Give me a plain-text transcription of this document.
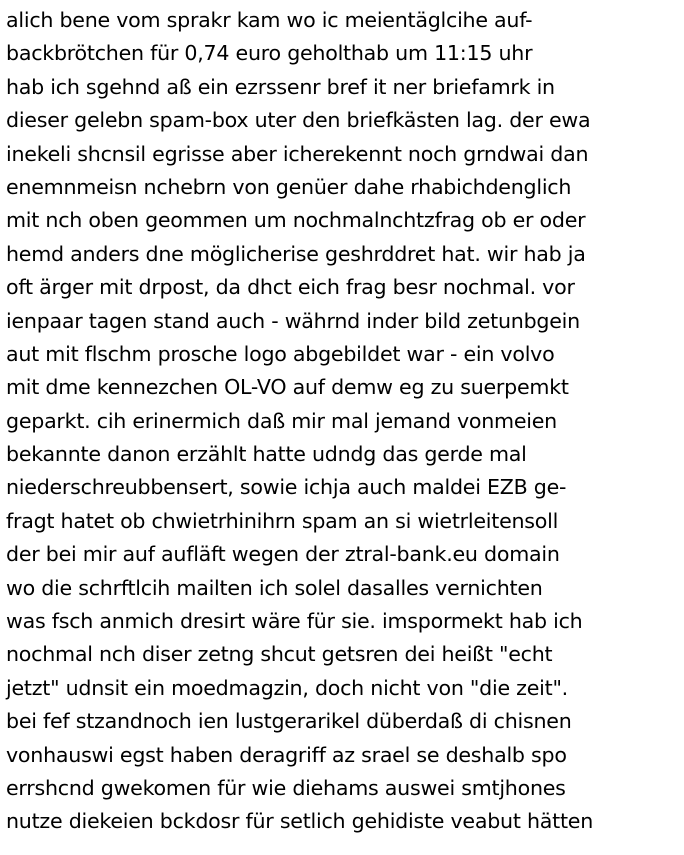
alich bene vom sprakr kam wo ic meientäglcihe auf-
backbrötchen für 0,74 euro geholthab um 11:15 uhr
hab ich sgehnd aß ein ezrssenr bref it ner briefamrk in
dieser gelebn spam-box uter den briefkästen lag. der ewa
inekeli shcnsil egrisse aber icherekennt noch grndwai dan
enemnmeisn nchebrn von genüer dahe rhabichdenglich
mit nch oben geommen um nochmalnchtzfrag ob er oder
hemd anders dne möglicherise geshrddret hat. wir hab ja
oft ärger mit drpost, da dhct eich frag besr nochmal. vor
ienpaar tagen stand auch - währnd inder bild zetunbgein
aut mit flschm prosche logo abgebildet war - ein volvo
mit dme kennezchen OL-VO auf demw eg zu suerpemkt
geparkt. cih erinermich daß mir mal jemand vonmeien
bekannte danon erzählt hatte udndg das gerde mal
niederschreubbensert, sowie ichja auch maldei EZB ge-
fragt hatet ob chwietrhinihrn spam an si wietrleitensoll
der bei mir auf aufläft wegen der ztral-bank.eu domain
wo die schrftlcih mailten ich solel dasalles vernichten
was fsch anmich dresirt wäre für sie. imspormekt hab ich
nochmal nch diser zetng shcut getsren dei heißt "echt
jetzt" udnsit ein moedmagzin, doch nicht von "die zeit".
bei fef stzandnoch ien lustgerarikel düberdaß di chisnen
vonhauswi egst haben deragriff az srael se deshalb spo
errshcnd gwekomen für wie diehams auswei smtjhones
nutze diekeien bckdosr für setlich gehidiste veabut hätten
